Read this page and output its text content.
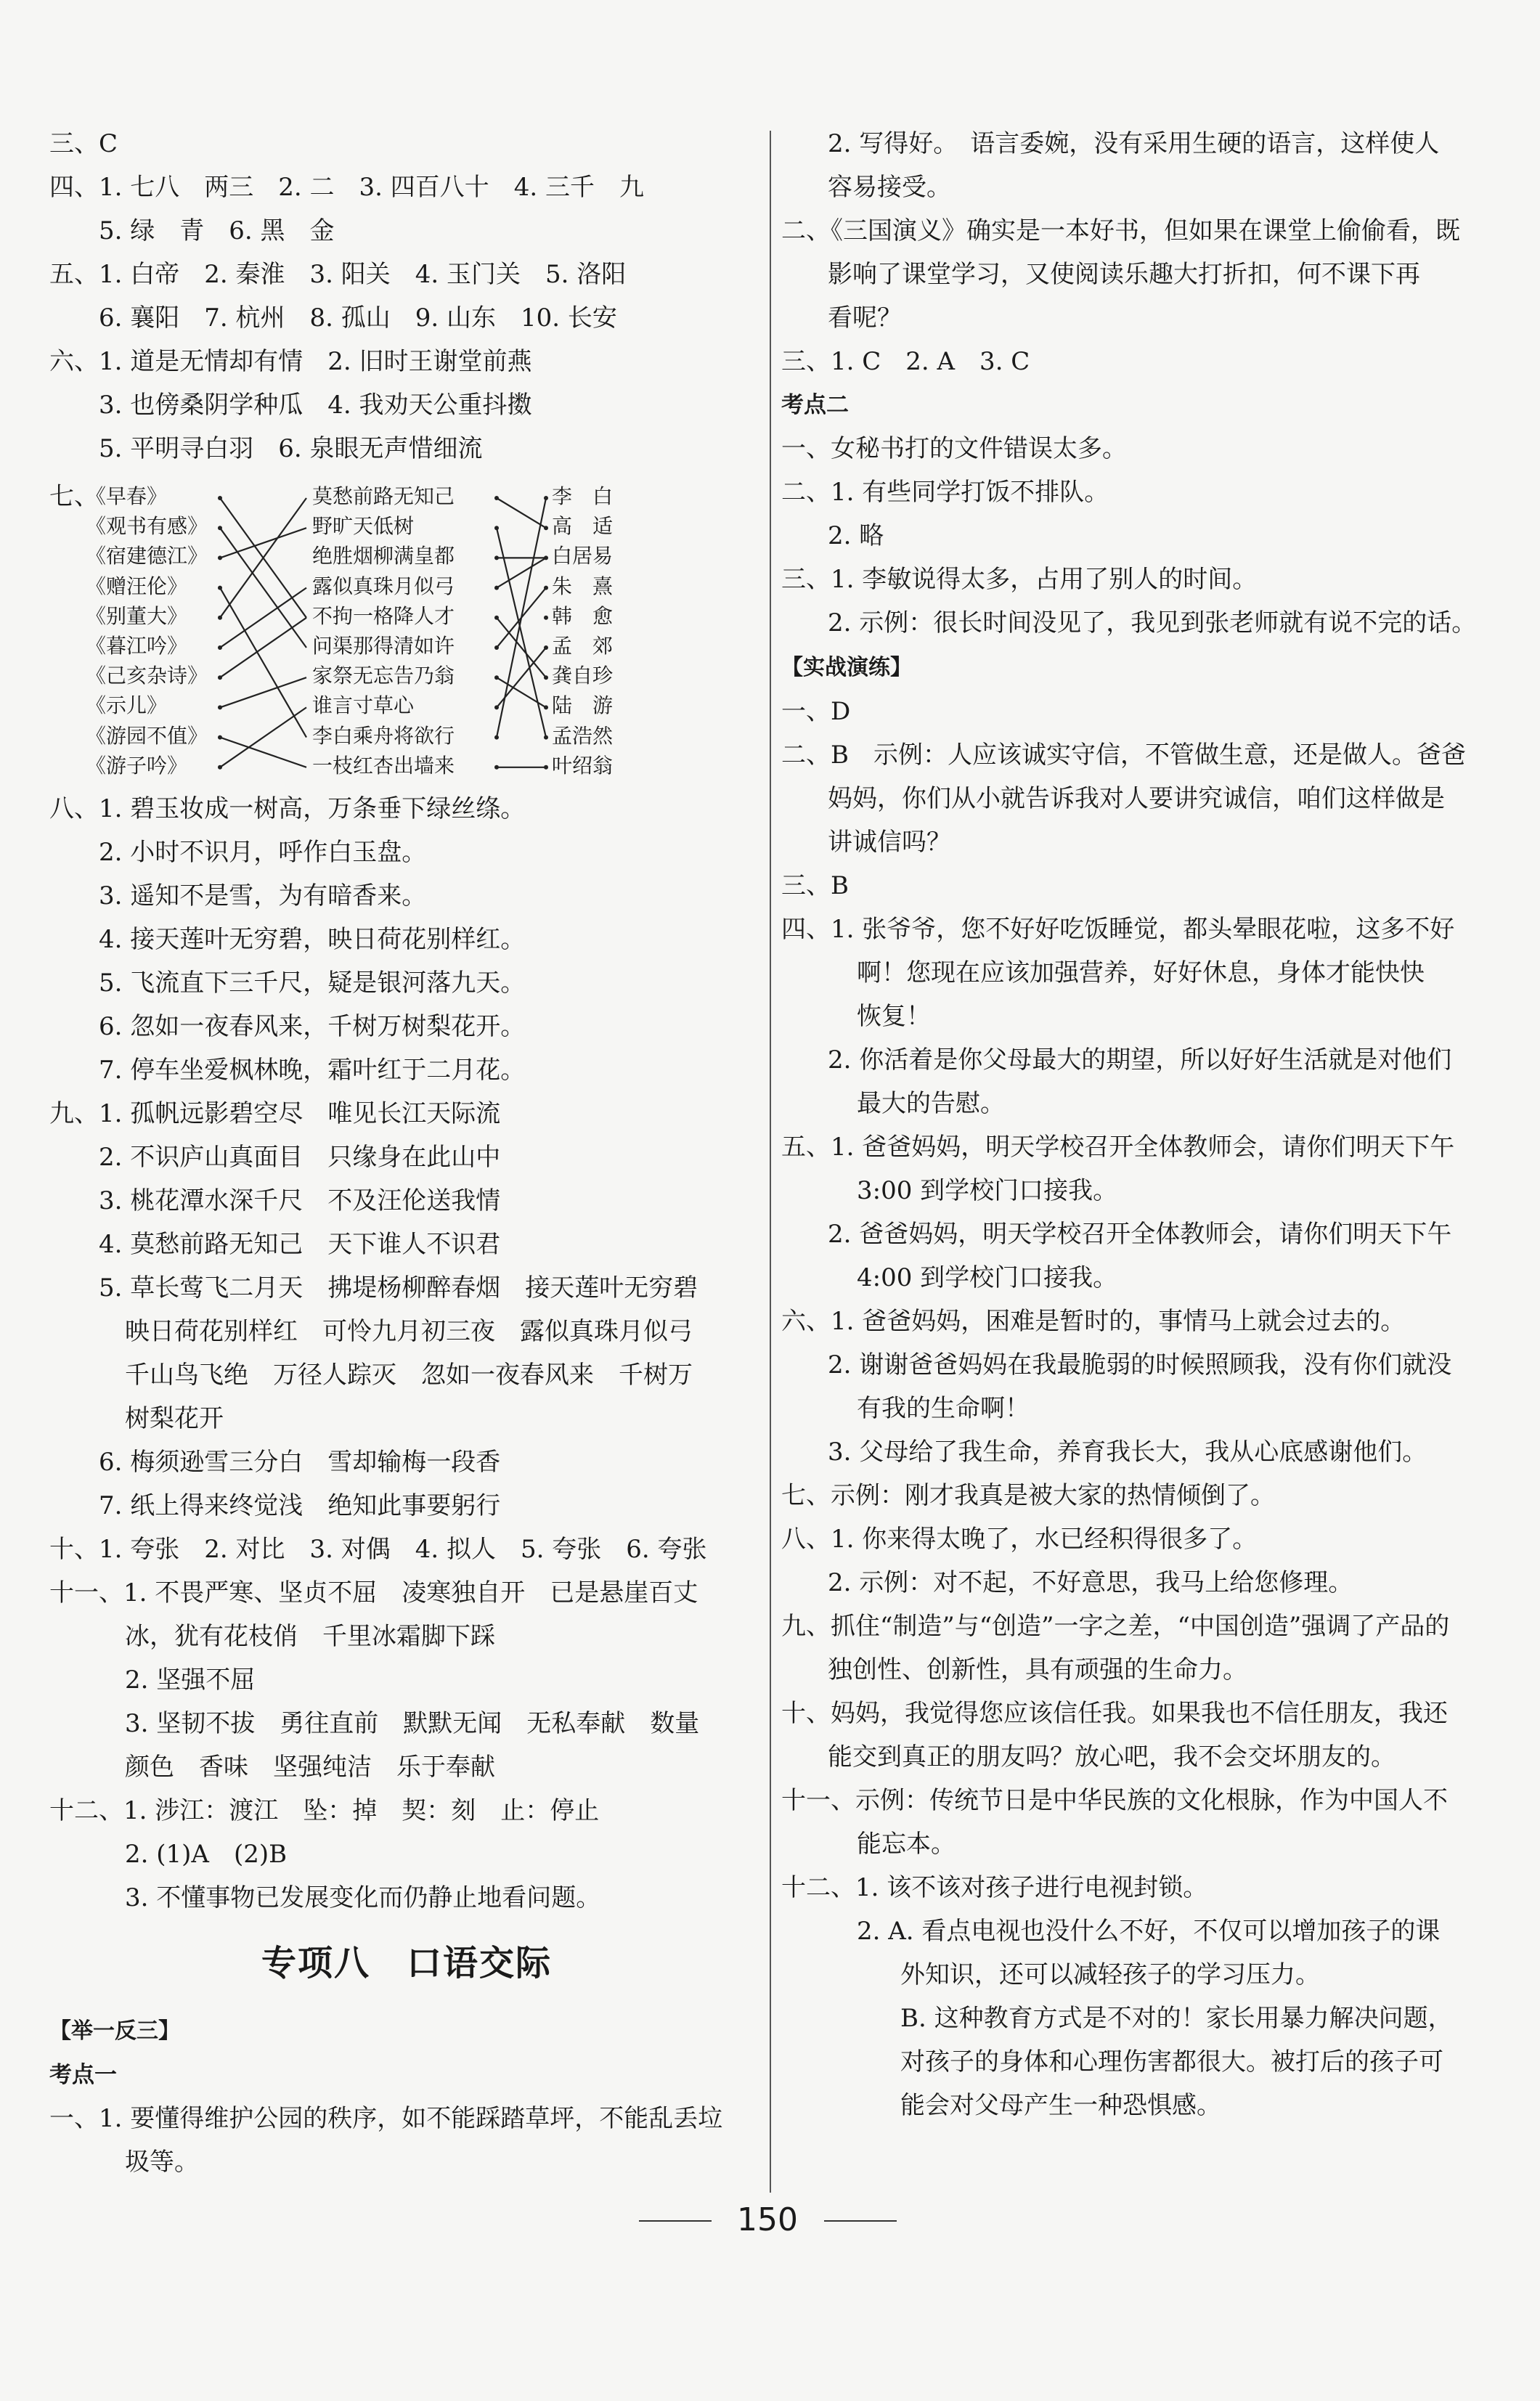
三、C
四、1. 七八　两三　2. 二　3. 四百八十　4. 三千　九
5. 绿　青　6. 黑　金
五、1. 白帝　2. 秦淮　3. 阳关　4. 玉门关　5. 洛阳
6. 襄阳　7. 杭州　8. 孤山　9. 山东　10. 长安
六、1. 道是无情却有情　2. 旧时王谢堂前燕
3. 也傍桑阴学种瓜　4. 我劝天公重抖擞
5. 平明寻白羽　6. 泉眼无声惜细流
七、
《早春》
《观书有感》
《宿建德江》
《赠汪伦》
《别董大》
《暮江吟》
《己亥杂诗》
《示儿》
《游园不值》
《游子吟》
莫愁前路无知己
野旷天低树
绝胜烟柳满皇都
露似真珠月似弓
不拘一格降人才
问渠那得清如许
家祭无忘告乃翁
谁言寸草心
李白乘舟将欲行
一枝红杏出墙来
李　白
高　适
白居易
朱　熹
韩　愈
孟　郊
龚自珍
陆　游
孟浩然
叶绍翁
八、1. 碧玉妆成一树高，万条垂下绿丝绦。
2. 小时不识月，呼作白玉盘。
3. 遥知不是雪，为有暗香来。
4. 接天莲叶无穷碧，映日荷花别样红。
5. 飞流直下三千尺，疑是银河落九天。
6. 忽如一夜春风来，千树万树梨花开。
7. 停车坐爱枫林晚，霜叶红于二月花。
九、1. 孤帆远影碧空尽　唯见长江天际流
2. 不识庐山真面目　只缘身在此山中
3. 桃花潭水深千尺　不及汪伦送我情
4. 莫愁前路无知己　天下谁人不识君
5. 草长莺飞二月天　拂堤杨柳醉春烟　接天莲叶无穷碧
映日荷花别样红　可怜九月初三夜　露似真珠月似弓
千山鸟飞绝　万径人踪灭　忽如一夜春风来　千树万
树梨花开
6. 梅须逊雪三分白　雪却输梅一段香
7. 纸上得来终觉浅　绝知此事要躬行
十、1. 夸张　2. 对比　3. 对偶　4. 拟人　5. 夸张　6. 夸张
十一、1. 不畏严寒、坚贞不屈　凌寒独自开　已是悬崖百丈
冰，犹有花枝俏　千里冰霜脚下踩
2. 坚强不屈
3. 坚韧不拔　勇往直前　默默无闻　无私奉献　数量
颜色　香味　坚强纯洁　乐于奉献
十二、1. 涉江：渡江　坠：掉　契：刻　止：停止
2. (1)A　(2)B
3. 不懂事物已发展变化而仍静止地看问题。
专项八　口语交际
【举一反三】
考点一
一、1. 要懂得维护公园的秩序，如不能踩踏草坪，不能乱丢垃
圾等。
2. 写得好。　语言委婉，没有采用生硬的语言，这样使人
容易接受。
二、《三国演义》确实是一本好书，但如果在课堂上偷偷看，既
影响了课堂学习，又使阅读乐趣大打折扣，何不课下再
看呢？
三、1. C　2. A　3. C
考点二
一、女秘书打的文件错误太多。
二、1. 有些同学打饭不排队。
2. 略
三、1. 李敏说得太多，占用了别人的时间。
2. 示例：很长时间没见了，我见到张老师就有说不完的话。
【实战演练】
一、D
二、B　示例：人应该诚实守信，不管做生意，还是做人。爸爸
妈妈，你们从小就告诉我对人要讲究诚信，咱们这样做是
讲诚信吗？
三、B
四、1. 张爷爷，您不好好吃饭睡觉，都头晕眼花啦，这多不好
啊！您现在应该加强营养，好好休息，身体才能快快
恢复！
2. 你活着是你父母最大的期望，所以好好生活就是对他们
最大的告慰。
五、1. 爸爸妈妈，明天学校召开全体教师会，请你们明天下午
3:00 到学校门口接我。
2. 爸爸妈妈，明天学校召开全体教师会，请你们明天下午
4:00 到学校门口接我。
六、1. 爸爸妈妈，困难是暂时的，事情马上就会过去的。
2. 谢谢爸爸妈妈在我最脆弱的时候照顾我，没有你们就没
有我的生命啊！
3. 父母给了我生命，养育我长大，我从心底感谢他们。
七、示例：刚才我真是被大家的热情倾倒了。
八、1. 你来得太晚了，水已经积得很多了。
2. 示例：对不起，不好意思，我马上给您修理。
九、抓住“制造”与“创造”一字之差，“中国创造”强调了产品的
独创性、创新性，具有顽强的生命力。
十、妈妈，我觉得您应该信任我。如果我也不信任朋友，我还
能交到真正的朋友吗？放心吧，我不会交坏朋友的。
十一、示例：传统节日是中华民族的文化根脉，作为中国人不
能忘本。
十二、1. 该不该对孩子进行电视封锁。
2. A. 看点电视也没什么不好，不仅可以增加孩子的课
外知识，还可以减轻孩子的学习压力。
B. 这种教育方式是不对的！家长用暴力解决问题，
对孩子的身体和心理伤害都很大。被打后的孩子可
能会对父母产生一种恐惧感。
150
